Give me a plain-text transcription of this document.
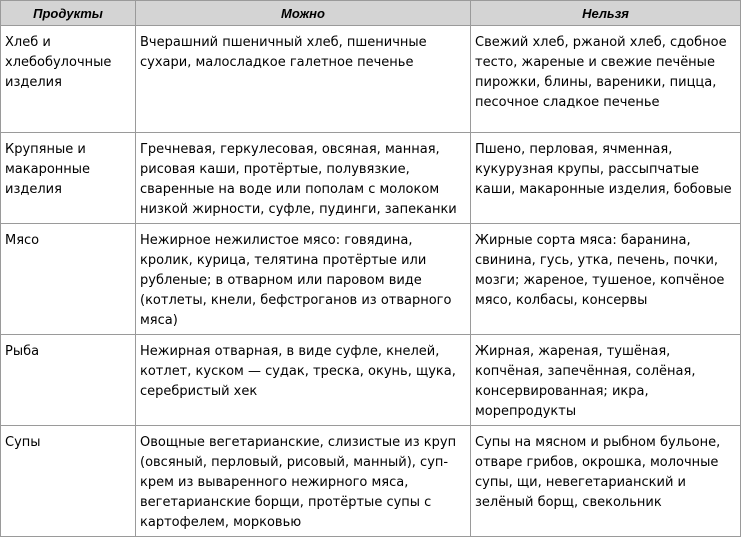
Продукты	Можно	Нельзя
Хлеб и хлебобулочные изделия	Вчерашний пшеничный хлеб, пшеничные сухари, малосладкое галетное печенье	Свежий хлеб, ржаной хлеб, сдобное тесто, жареные и свежие печёные пирожки, блины, вареники, пицца, песочное сладкое печенье
Крупяные и макаронные изделия	Гречневая, геркулесовая, овсяная, манная, рисовая каши, протёртые, полувязкие, сваренные на воде или пополам с молоком низкой жирности, суфле, пудинги, запеканки	Пшено, перловая, ячменная, кукурузная крупы, рассыпчатые каши, макаронные изделия, бобовые
Мясо	Нежирное нежилистое мясо: говядина, кролик, курица, телятина протёртые или рубленые; в отварном или паровом виде (котлеты, кнели, бефстроганов из отварного мяса)	Жирные сорта мяса: баранина, свинина, гусь, утка, печень, почки, мозги; жареное, тушеное, копчёное мясо, колбасы, консервы
Рыба	Нежирная отварная, в виде суфле, кнелей, котлет, куском — судак, треска, окунь, щука, серебристый хек	Жирная, жареная, тушёная, копчёная, запечённая, солёная, консервированная; икра, морепродукты
Супы	Овощные вегетарианские, слизистые из круп (овсяный, перловый, рисовый, манный), суп-крем из вываренного нежирного мяса, вегетарианские борщи, протёртые супы с картофелем, морковью	Супы на мясном и рыбном бульоне, отваре грибов, окрошка, молочные супы, щи, невегетарианский и зелёный борщ, свекольник
